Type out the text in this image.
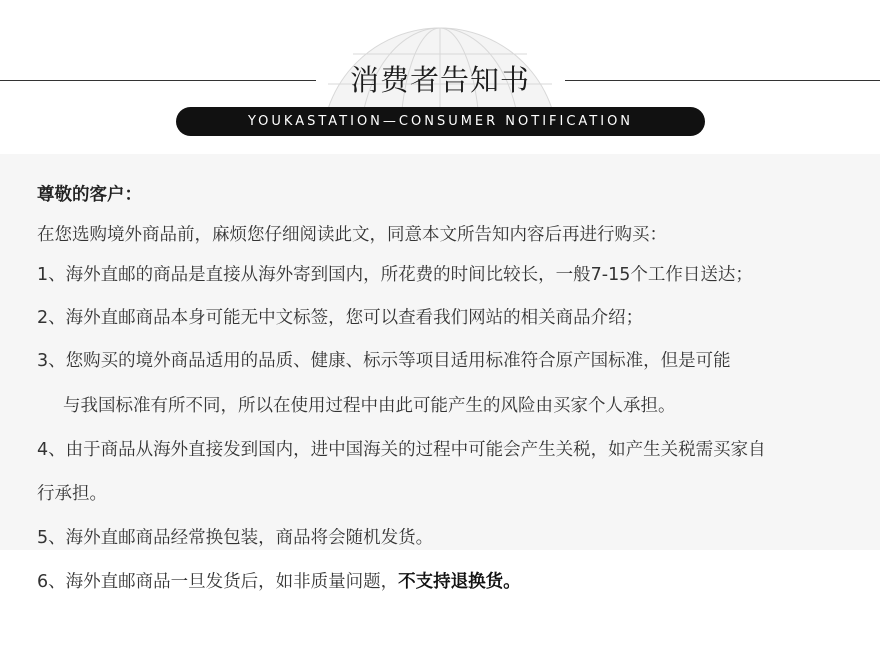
消费者告知书
YOUKASTATION—CONSUMER NOTIFICATION
尊敬的客户：
在您选购境外商品前，麻烦您仔细阅读此文，同意本文所告知内容后再进行购买：
1、海外直邮的商品是直接从海外寄到国内，所花费的时间比较长，一般7-15个工作日送达；
2、海外直邮商品本身可能无中文标签，您可以查看我们网站的相关商品介绍；
3、您购买的境外商品适用的品质、健康、标示等项目适用标准符合原产国标准，但是可能
与我国标准有所不同，所以在使用过程中由此可能产生的风险由买家个人承担。
4、由于商品从海外直接发到国内，进中国海关的过程中可能会产生关税，如产生关税需买家自
行承担。
5、海外直邮商品经常换包装，商品将会随机发货。
6、海外直邮商品一旦发货后，如非质量问题，不支持退换货。
